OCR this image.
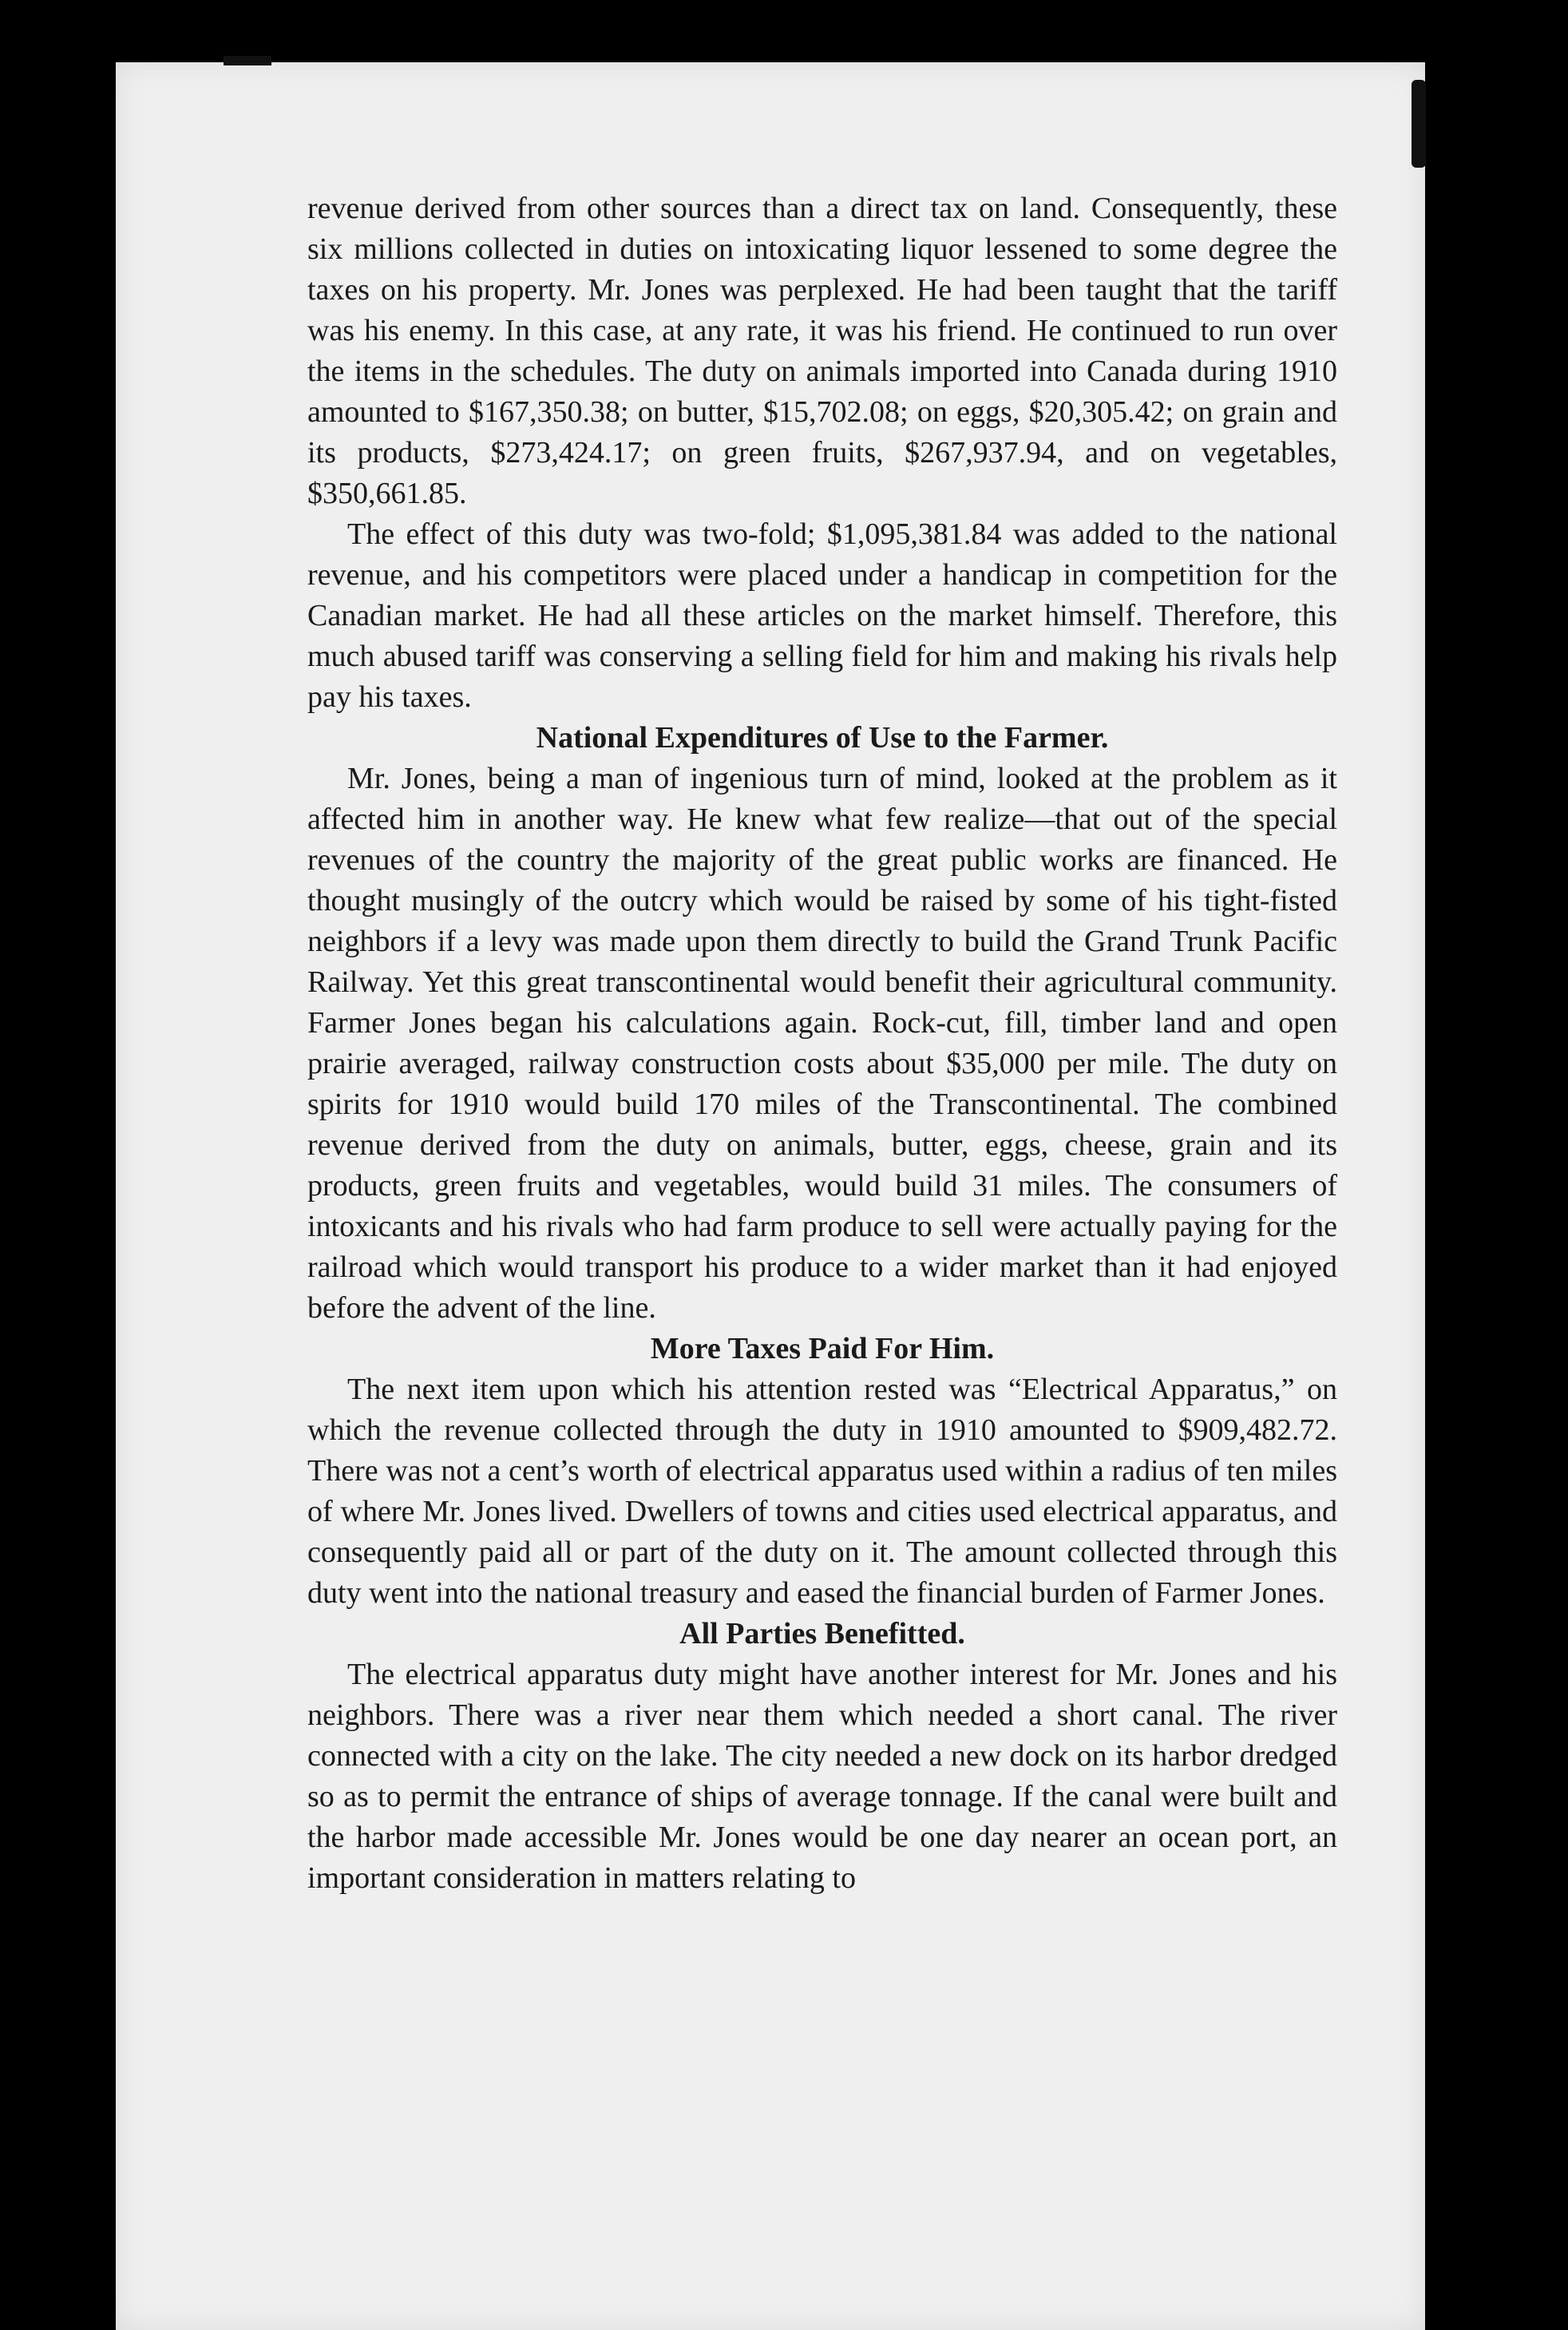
revenue derived from other sources than a direct tax on land. Consequently, these six millions collected in duties on intoxicating liquor lessened to some degree the taxes on his property. Mr. Jones was perplexed. He had been taught that the tariff was his enemy. In this case, at any rate, it was his friend. He continued to run over the items in the schedules. The duty on animals imported into Canada during 1910 amounted to $167,350.38; on butter, $15,702.08; on eggs, $20,305.42; on grain and its products, $273,424.17; on green fruits, $267,937.94, and on vegetables, $350,661.85.

The effect of this duty was two-fold; $1,095,381.84 was added to the national revenue, and his competitors were placed under a handicap in competition for the Canadian market. He had all these articles on the market himself. Therefore, this much abused tariff was conserving a selling field for him and making his rivals help pay his taxes.

National Expenditures of Use to the Farmer.

Mr. Jones, being a man of ingenious turn of mind, looked at the problem as it affected him in another way. He knew what few realize—that out of the special revenues of the country the majority of the great public works are financed. He thought musingly of the outcry which would be raised by some of his tight-fisted neighbors if a levy was made upon them directly to build the Grand Trunk Pacific Railway. Yet this great transcontinental would benefit their agricultural community. Farmer Jones began his calculations again. Rock-cut, fill, timber land and open prairie averaged, railway construction costs about $35,000 per mile. The duty on spirits for 1910 would build 170 miles of the Transcontinental. The combined revenue derived from the duty on animals, butter, eggs, cheese, grain and its products, green fruits and vegetables, would build 31 miles. The consumers of intoxicants and his rivals who had farm produce to sell were actually paying for the railroad which would transport his produce to a wider market than it had enjoyed before the advent of the line.

More Taxes Paid For Him.

The next item upon which his attention rested was “Electrical Apparatus,” on which the revenue collected through the duty in 1910 amounted to $909,482.72. There was not a cent’s worth of electrical apparatus used within a radius of ten miles of where Mr. Jones lived. Dwellers of towns and cities used electrical apparatus, and consequently paid all or part of the duty on it. The amount collected through this duty went into the national treasury and eased the financial burden of Farmer Jones.

All Parties Benefitted.

The electrical apparatus duty might have another interest for Mr. Jones and his neighbors. There was a river near them which needed a short canal. The river connected with a city on the lake. The city needed a new dock on its harbor dredged so as to permit the entrance of ships of average tonnage. If the canal were built and the harbor made accessible Mr. Jones would be one day nearer an ocean port, an important consideration in matters relating to
